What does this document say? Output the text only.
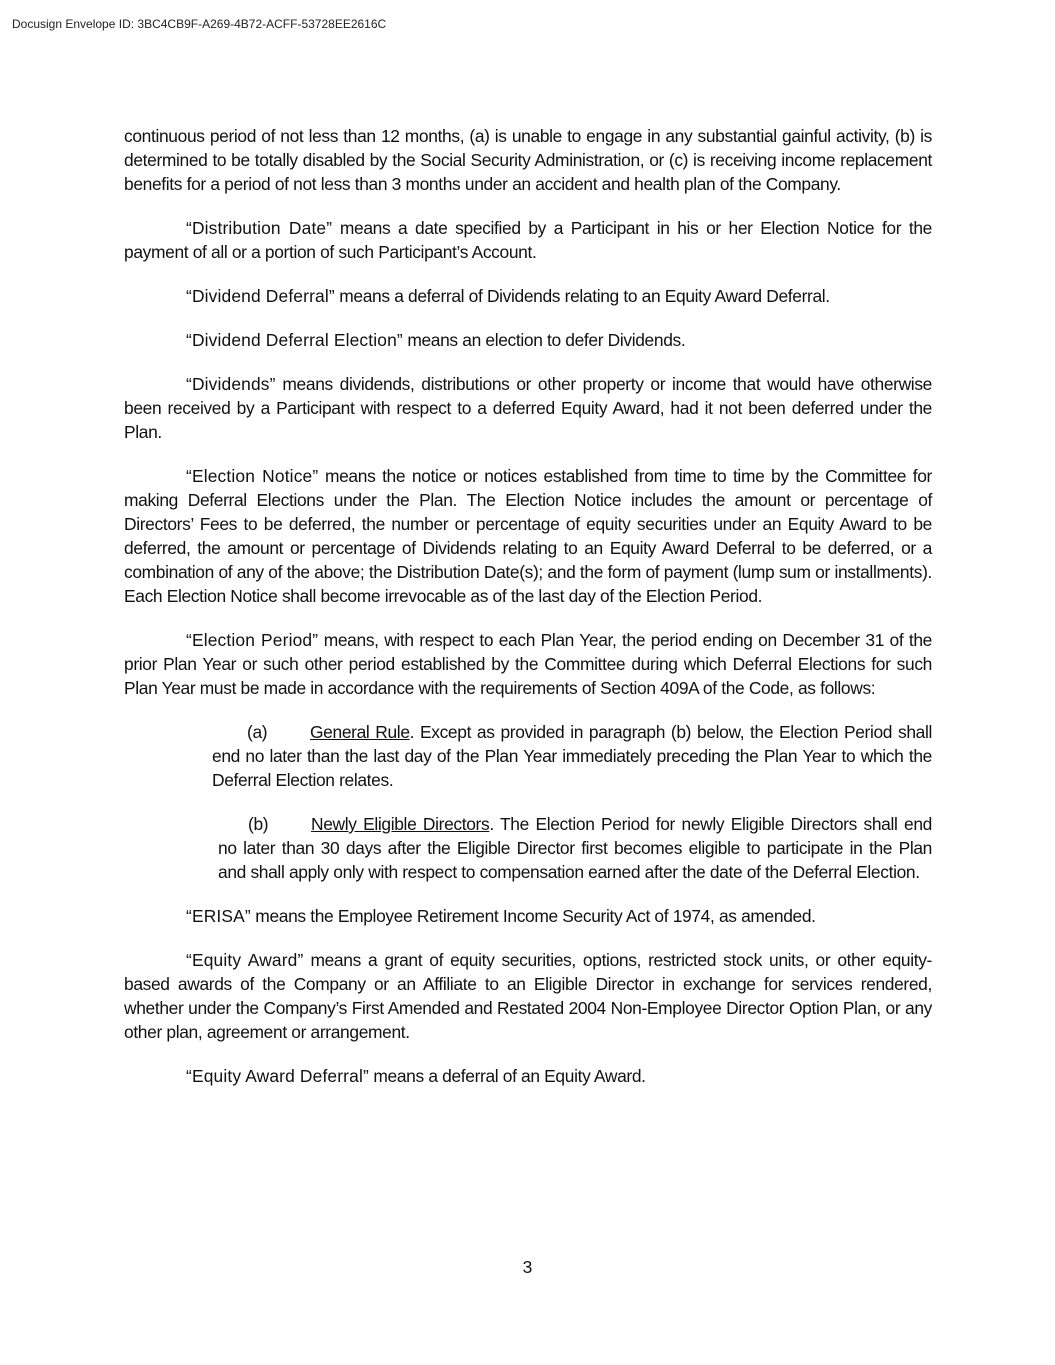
Docusign Envelope ID: 3BC4CB9F-A269-4B72-ACFF-53728EE2616C

continuous period of not less than 12 months, (a) is unable to engage in any substantial gainful activity, (b) is determined to be totally disabled by the Social Security Administration, or (c) is receiving income replacement benefits for a period of not less than 3 months under an accident and health plan of the Company.

“Distribution Date” means a date specified by a Participant in his or her Election Notice for the payment of all or a portion of such Participant’s Account.

“Dividend Deferral” means a deferral of Dividends relating to an Equity Award Deferral.

“Dividend Deferral Election” means an election to defer Dividends.

“Dividends” means dividends, distributions or other property or income that would have otherwise been received by a Participant with respect to a deferred Equity Award, had it not been deferred under the Plan.

“Election Notice” means the notice or notices established from time to time by the Committee for making Deferral Elections under the Plan. The Election Notice includes the amount or percentage of Directors’ Fees to be deferred, the number or percentage of equity securities under an Equity Award to be deferred, the amount or percentage of Dividends relating to an Equity Award Deferral to be deferred, or a combination of any of the above; the Distribution Date(s); and the form of payment (lump sum or installments). Each Election Notice shall become irrevocable as of the last day of the Election Period.

“Election Period” means, with respect to each Plan Year, the period ending on December 31 of the prior Plan Year or such other period established by the Committee during which Deferral Elections for such Plan Year must be made in accordance with the requirements of Section 409A of the Code, as follows:

(a) General Rule. Except as provided in paragraph (b) below, the Election Period shall end no later than the last day of the Plan Year immediately preceding the Plan Year to which the Deferral Election relates.
(b) Newly Eligible Directors. The Election Period for newly Eligible Directors shall end no later than 30 days after the Eligible Director first becomes eligible to participate in the Plan and shall apply only with respect to compensation earned after the date of the Deferral Election.

“ERISA” means the Employee Retirement Income Security Act of 1974, as amended.

“Equity Award” means a grant of equity securities, options, restricted stock units, or other equity-based awards of the Company or an Affiliate to an Eligible Director in exchange for services rendered, whether under the Company’s First Amended and Restated 2004 Non-Employee Director Option Plan, or any other plan, agreement or arrangement.

“Equity Award Deferral” means a deferral of an Equity Award.

3
